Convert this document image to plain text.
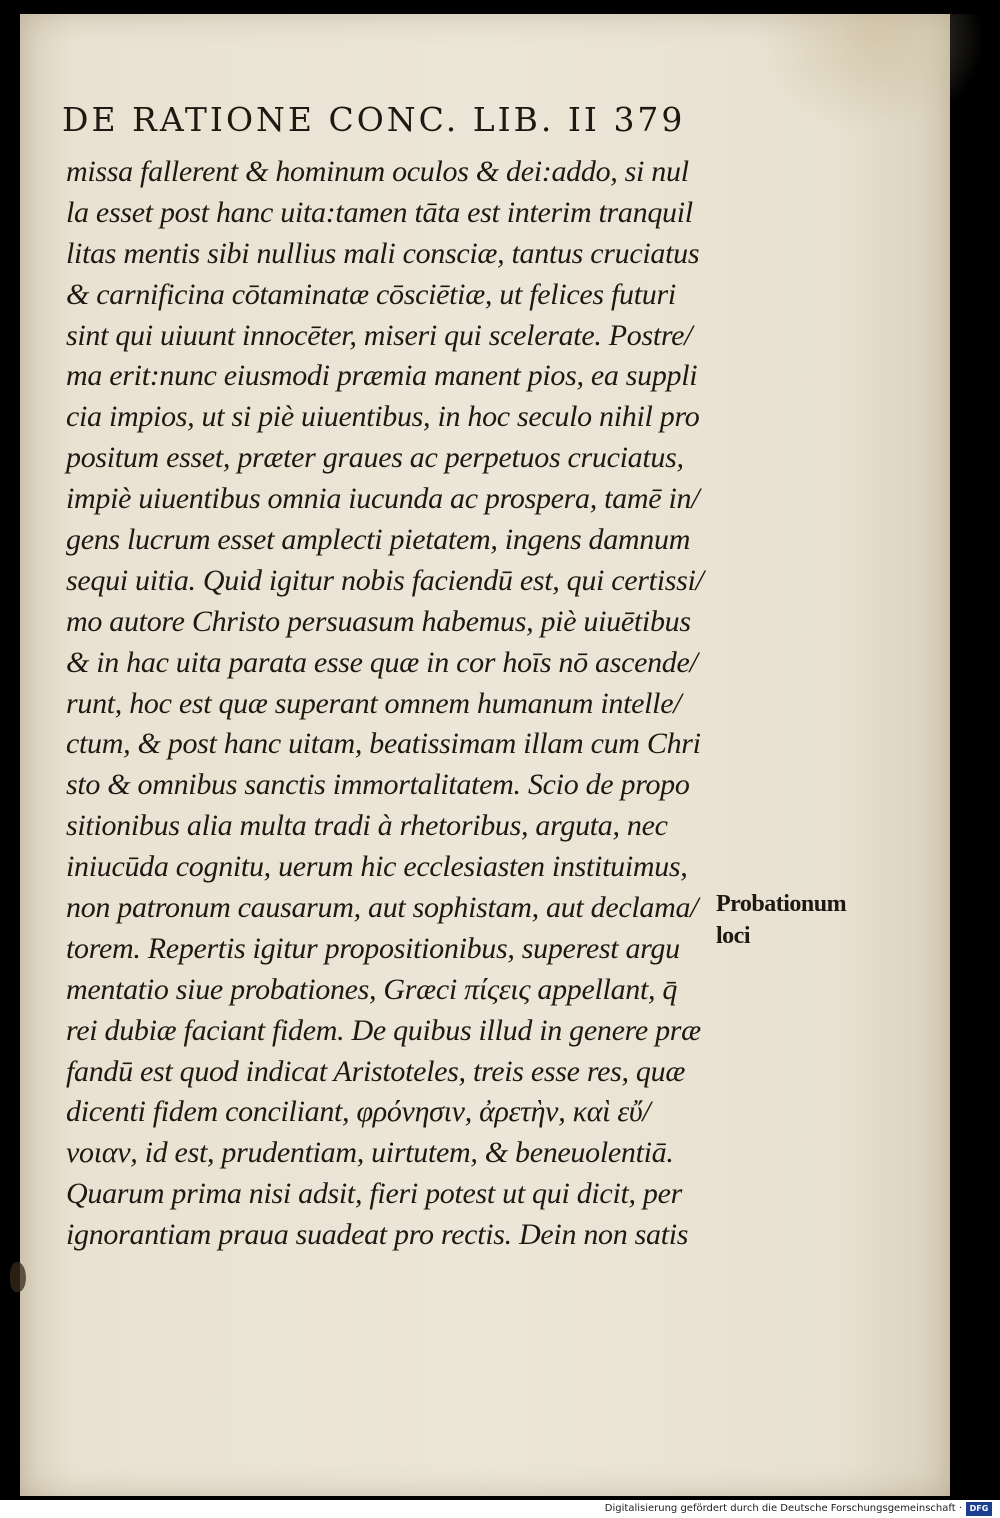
DE RATIONE CONC. LIB. II 379
missa fallerent & hominum oculos & dei:addo, si nul
la esset post hanc uita:tamen tāta est interim tranquil
litas mentis sibi nullius mali consciæ, tantus cruciatus
& carnificina cōtaminatæ cōsciētiæ, ut felices futuri
sint qui uiuunt innocēter, miseri qui scelerate. Postre/
ma erit:nunc eiusmodi præmia manent pios, ea suppli
cia impios, ut si piè uiuentibus, in hoc seculo nihil pro
positum esset, præter graues ac perpetuos cruciatus,
impiè uiuentibus omnia iucunda ac prospera, tamē in/
gens lucrum esset amplecti pietatem, ingens damnum
sequi uitia. Quid igitur nobis faciendū est, qui certissi/
mo autore Christo persuasum habemus, piè uiuētibus
& in hac uita parata esse quæ in cor hoīs nō ascende/
runt, hoc est quæ superant omnem humanum intelle/
ctum, & post hanc uitam, beatissimam illam cum Chri
sto & omnibus sanctis immortalitatem. Scio de propo
sitionibus alia multa tradi à rhetoribus, arguta, nec
iniucūda cognitu, uerum hic ecclesiasten instituimus,
non patronum causarum, aut sophistam, aut declama/
torem. Repertis igitur propositionibus, superest argu
mentatio siue probationes, Græci πίςεις appellant, q̄
rei dubiæ faciant fidem. De quibus illud in genere præ
fandū est quod indicat Aristoteles, treis esse res, quæ
dicenti fidem conciliant, φρόνησιν, ἀρετὴν, καὶ εὔ/
νοιαν, id est, prudentiam, uirtutem, & beneuolentiā.
Quarum prima nisi adsit, fieri potest ut qui dicit, per
ignorantiam praua suadeat pro rectis. Dein non satis
Probationum
loci
Digitalisierung gefördert durch die Deutsche Forschungsgemeinschaft · DFG
